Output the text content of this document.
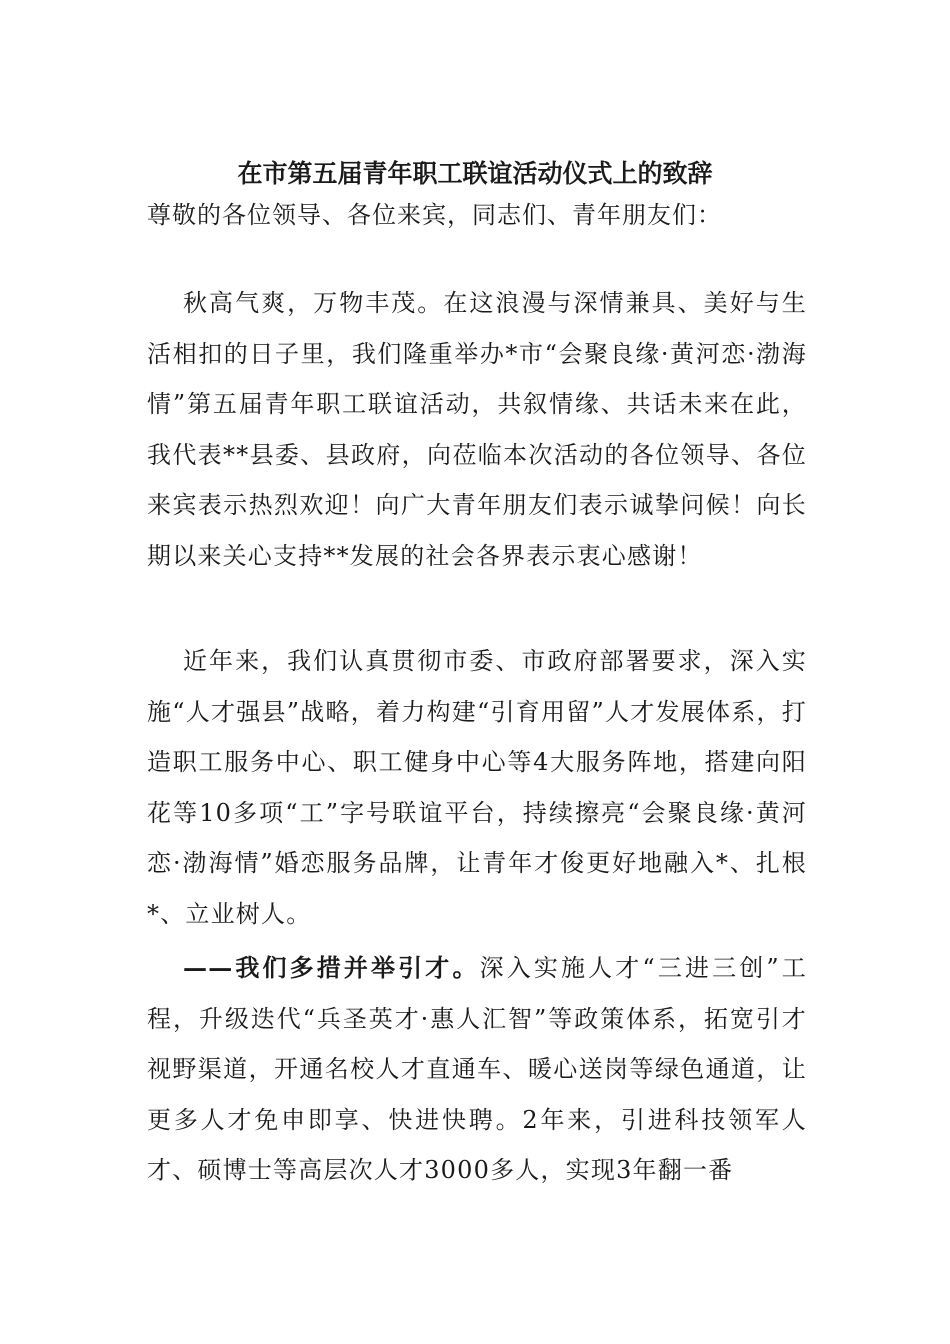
在市第五届青年职工联谊活动仪式上的致辞

尊敬的各位领导、各位来宾，同志们、青年朋友们：

秋高气爽，万物丰茂。在这浪漫与深情兼具、美好与生活相扣的日子里，我们隆重举办*市“会聚良缘·黄河恋·渤海情”第五届青年职工联谊活动，共叙情缘、共话未来在此，我代表**县委、县政府，向莅临本次活动的各位领导、各位来宾表示热烈欢迎！向广大青年朋友们表示诚挚问候！向长期以来关心支持**发展的社会各界表示衷心感谢！

近年来，我们认真贯彻市委、市政府部署要求，深入实施“人才强县”战略，着力构建“引育用留”人才发展体系，打造职工服务中心、职工健身中心等4大服务阵地，搭建向阳花等10多项“工”字号联谊平台，持续擦亮“会聚良缘·黄河恋·渤海情”婚恋服务品牌，让青年才俊更好地融入*、扎根*、立业树人。

——我们多措并举引才。深入实施人才“三进三创”工程，升级迭代“兵圣英才·惠人汇智”等政策体系，拓宽引才视野渠道，开通名校人才直通车、暖心送岗等绿色通道，让更多人才免申即享、快进快聘。2年来，引进科技领军人才、硕博士等高层次人才3000多人，实现3年翻一番
